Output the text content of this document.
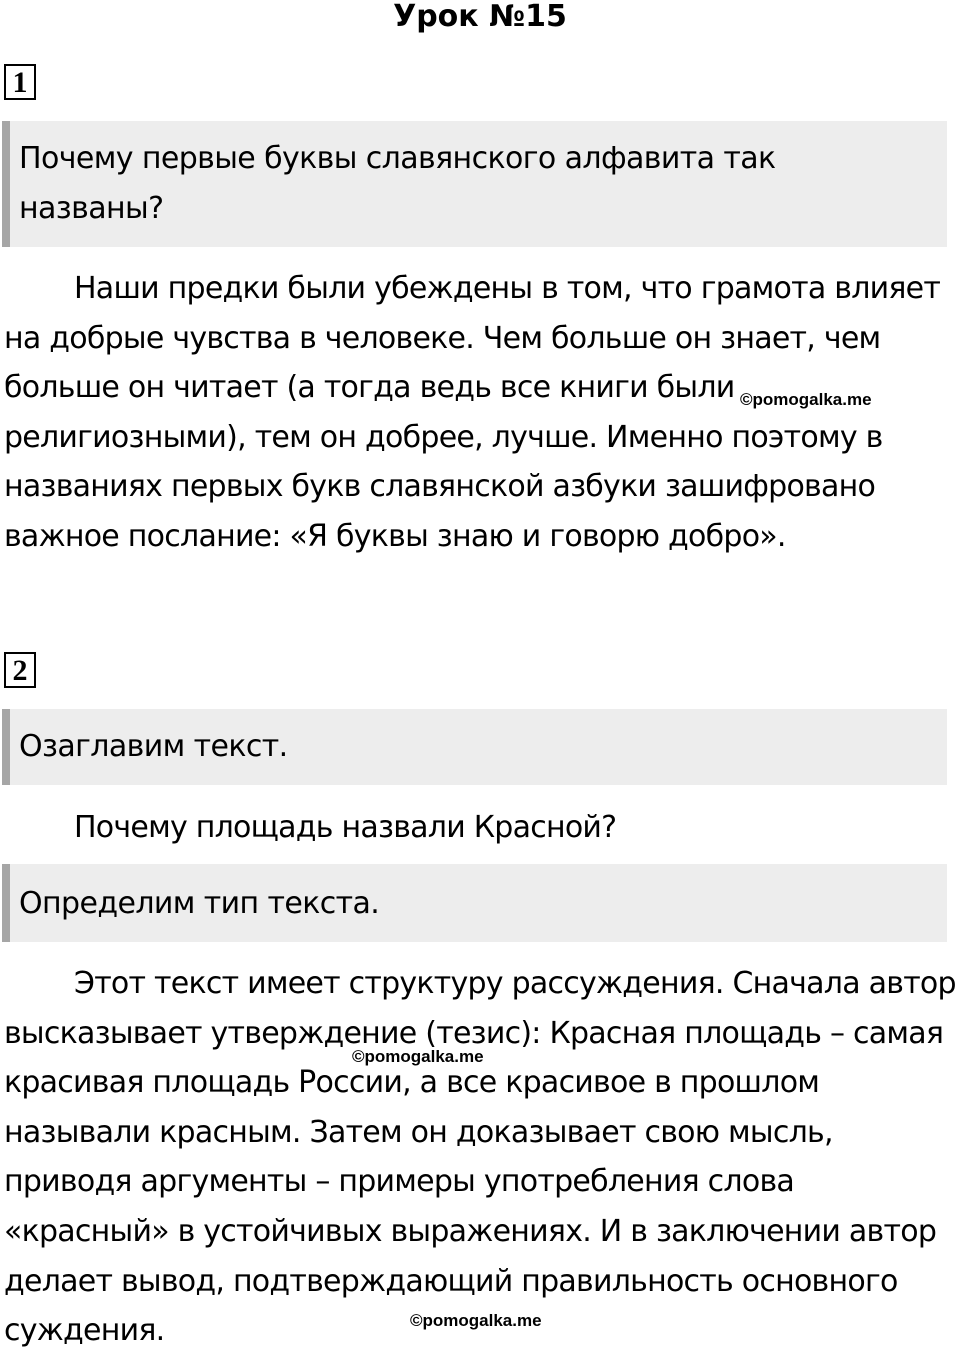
Урок №15
1
Почему первые буквы славянского алфавита так
названы?
Наши предки были убеждены в том, что грамота влияет
на добрые чувства в человеке. Чем больше он знает, чем
больше он читает (а тогда ведь все книги были
религиозными), тем он добрее, лучше. Именно поэтому в
названиях первых букв славянской азбуки зашифровано
важное послание: «Я буквы знаю и говорю добро».
©pomogalka.me
2
Озаглавим текст.
Почему площадь назвали Красной?
Определим тип текста.
Этот текст имеет структуру рассуждения. Сначала автор
высказывает утверждение (тезис): Красная площадь – самая
красивая площадь России, а все красивое в прошлом
называли красным. Затем он доказывает свою мысль,
приводя аргументы – примеры употребления слова
«красный» в устойчивых выражениях. И в заключении автор
делает вывод, подтверждающий правильность основного
суждения.
©pomogalka.me
©pomogalka.me
